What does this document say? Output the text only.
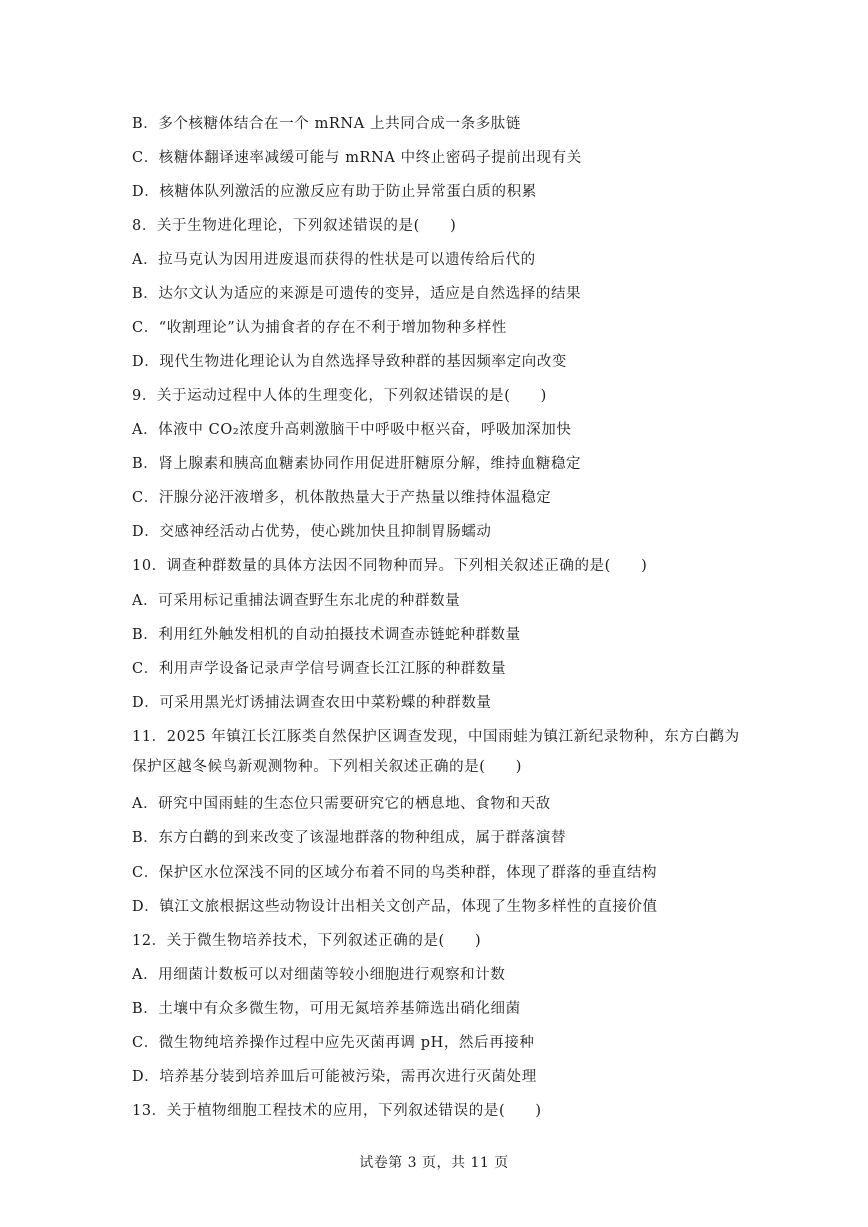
B．多个核糖体结合在一个 mRNA 上共同合成一条多肽链
C．核糖体翻译速率减缓可能与 mRNA 中终止密码子提前出现有关
D．核糖体队列激活的应激反应有助于防止异常蛋白质的积累
8．关于生物进化理论，下列叙述错误的是(　　)
A．拉马克认为因用进废退而获得的性状是可以遗传给后代的
B．达尔文认为适应的来源是可遗传的变异，适应是自然选择的结果
C．“收割理论”认为捕食者的存在不利于增加物种多样性
D．现代生物进化理论认为自然选择导致种群的基因频率定向改变
9．关于运动过程中人体的生理变化，下列叙述错误的是(　　)
A．体液中 CO₂浓度升高刺激脑干中呼吸中枢兴奋，呼吸加深加快
B．肾上腺素和胰高血糖素协同作用促进肝糖原分解，维持血糖稳定
C．汗腺分泌汗液增多，机体散热量大于产热量以维持体温稳定
D．交感神经活动占优势，使心跳加快且抑制胃肠蠕动
10．调查种群数量的具体方法因不同物种而异。下列相关叙述正确的是(　　)
A．可采用标记重捕法调查野生东北虎的种群数量
B．利用红外触发相机的自动拍摄技术调查赤链蛇种群数量
C．利用声学设备记录声学信号调查长江江豚的种群数量
D．可采用黑光灯诱捕法调查农田中菜粉蝶的种群数量
11．2025 年镇江长江豚类自然保护区调查发现，中国雨蛙为镇江新纪录物种，东方白鹳为保护区越冬候鸟新观测物种。下列相关叙述正确的是(　　)
A．研究中国雨蛙的生态位只需要研究它的栖息地、食物和天敌
B．东方白鹳的到来改变了该湿地群落的物种组成，属于群落演替
C．保护区水位深浅不同的区域分布着不同的鸟类种群，体现了群落的垂直结构
D．镇江文旅根据这些动物设计出相关文创产品，体现了生物多样性的直接价值
12．关于微生物培养技术，下列叙述正确的是(　　)
A．用细菌计数板可以对细菌等较小细胞进行观察和计数
B．土壤中有众多微生物，可用无氮培养基筛选出硝化细菌
C．微生物纯培养操作过程中应先灭菌再调 pH，然后再接种
D．培养基分装到培养皿后可能被污染，需再次进行灭菌处理
13．关于植物细胞工程技术的应用，下列叙述错误的是(　　)
试卷第 3 页，共 11 页
